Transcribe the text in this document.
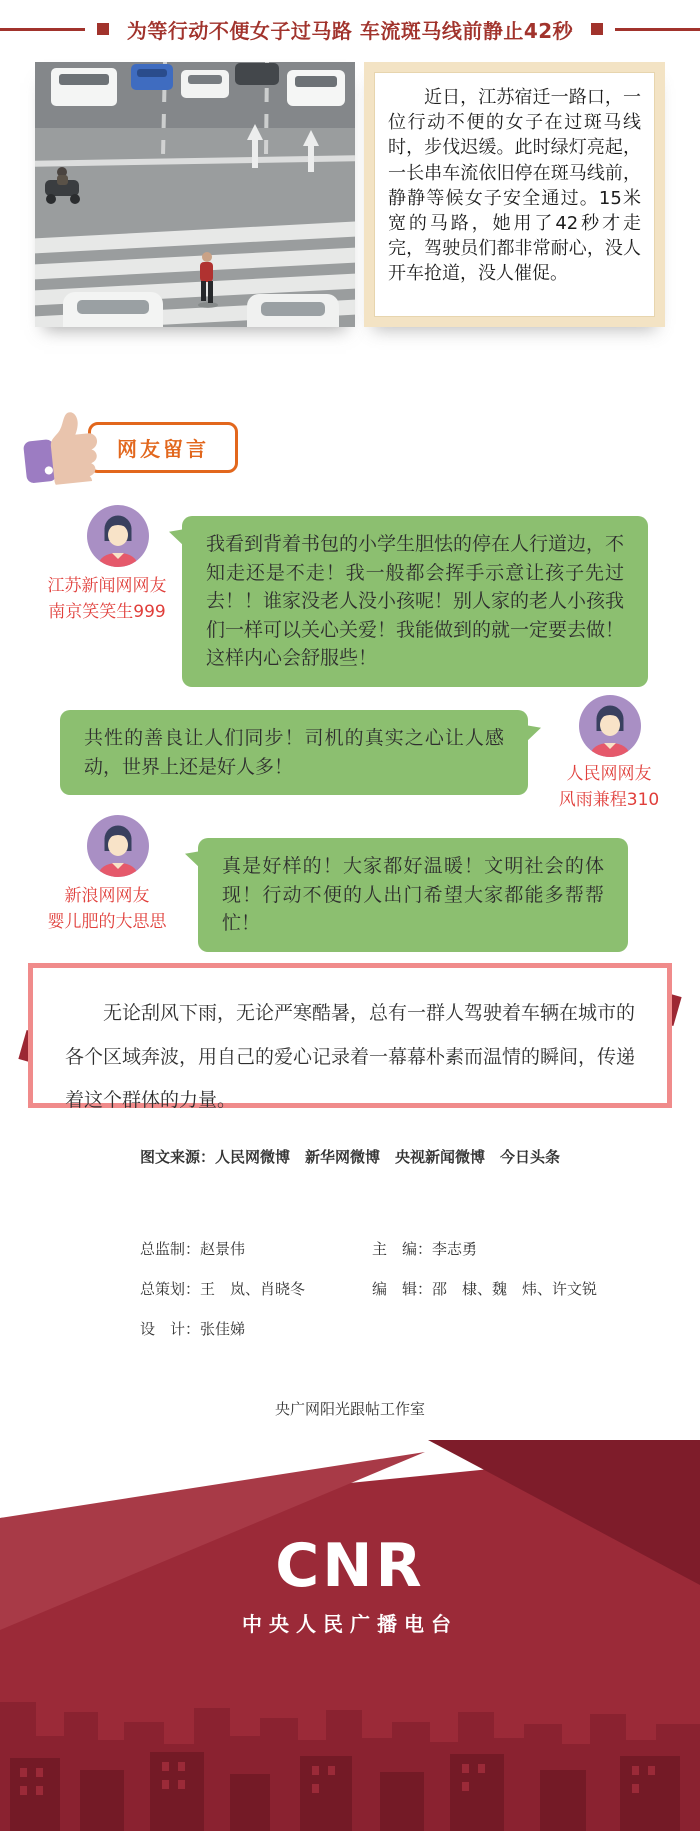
为等行动不便女子过马路 车流斑马线前静止42秒

近日，江苏宿迁一路口，一位行动不便的女子在过斑马线时，步伐迟缓。此时绿灯亮起，一长串车流依旧停在斑马线前，静静等候女子安全通过。15米宽的马路，她用了42秒才走完，驾驶员们都非常耐心，没人开车抢道，没人催促。

网友留言
江苏新闻网网友
南京笑笑生999
我看到背着书包的小学生胆怯的停在人行道边，不知走还是不走！我一般都会挥手示意让孩子先过去！！谁家没老人没小孩呢！别人家的老人小孩我们一样可以关心关爱！我能做到的就一定要去做！这样内心会舒服些！
共性的善良让人们同步！司机的真实之心让人感动，世界上还是好人多！	人民网网友
风雨兼程310
新浪网网友
婴儿肥的大思思
真是好样的！大家都好温暖！文明社会的体现！行动不便的人出门希望大家都能多帮帮忙！

无论刮风下雨，无论严寒酷暑，总有一群人驾驶着车辆在城市的各个区域奔波，用自己的爱心记录着一幕幕朴素而温情的瞬间，传递着这个群体的力量。

图文来源：人民网微博　新华网微博　央视新闻微博　今日头条
总监制：赵景伟	主　编：李志勇
总策划：王　岚、肖晓冬	编　辑：邵　棣、魏　炜、许文锐
设　计：张佳娣
央广网阳光跟帖工作室
CNR
中央人民广播电台
